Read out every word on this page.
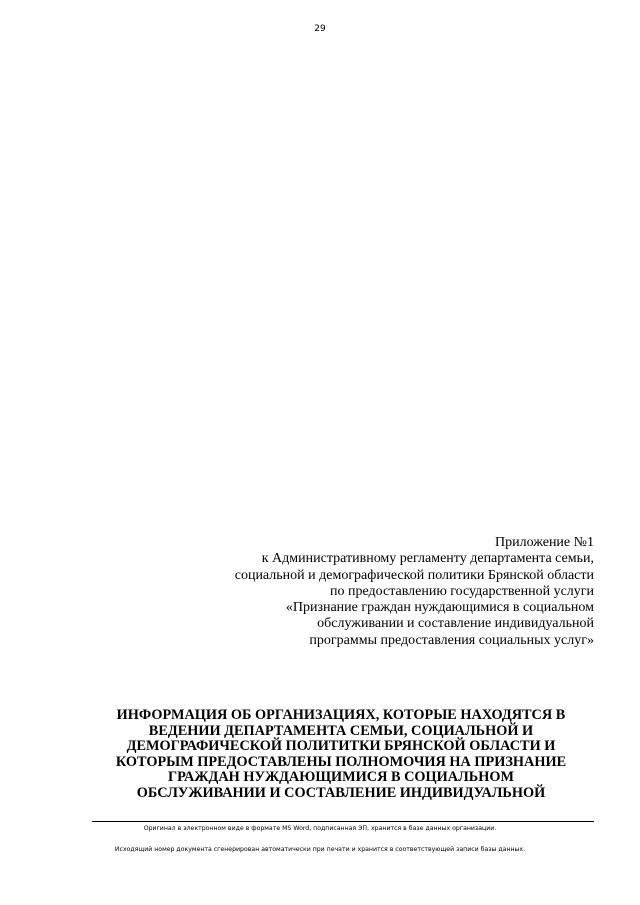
29
Приложение №1
к Административному регламенту департамента семьи,
социальной и демографической политики Брянской области
по предоставлению государственной услуги
«Признание граждан нуждающимися в социальном
обслуживании и составление индивидуальной
программы предоставления социальных услуг»
ИНФОРМАЦИЯ ОБ ОРГАНИЗАЦИЯХ, КОТОРЫЕ НАХОДЯТСЯ В
ВЕДЕНИИ ДЕПАРТАМЕНТА СЕМЬИ, СОЦИАЛЬНОЙ И
ДЕМОГРАФИЧЕСКОЙ ПОЛИТИТКИ БРЯНСКОЙ ОБЛАСТИ И
КОТОРЫМ ПРЕДОСТАВЛЕНЫ ПОЛНОМОЧИЯ НА ПРИЗНАНИЕ
ГРАЖДАН НУЖДАЮЩИМИСЯ В СОЦИАЛЬНОМ
ОБСЛУЖИВАНИИ И СОСТАВЛЕНИЕ ИНДИВИДУАЛЬНОЙ
Оригинал в электронном виде в формате MS Word, подписанная ЭП, хранится в базе данных организации.
Исходящий номер документа сгенерирован автоматически при печати и хранится в соответствующей записи базы данных.
